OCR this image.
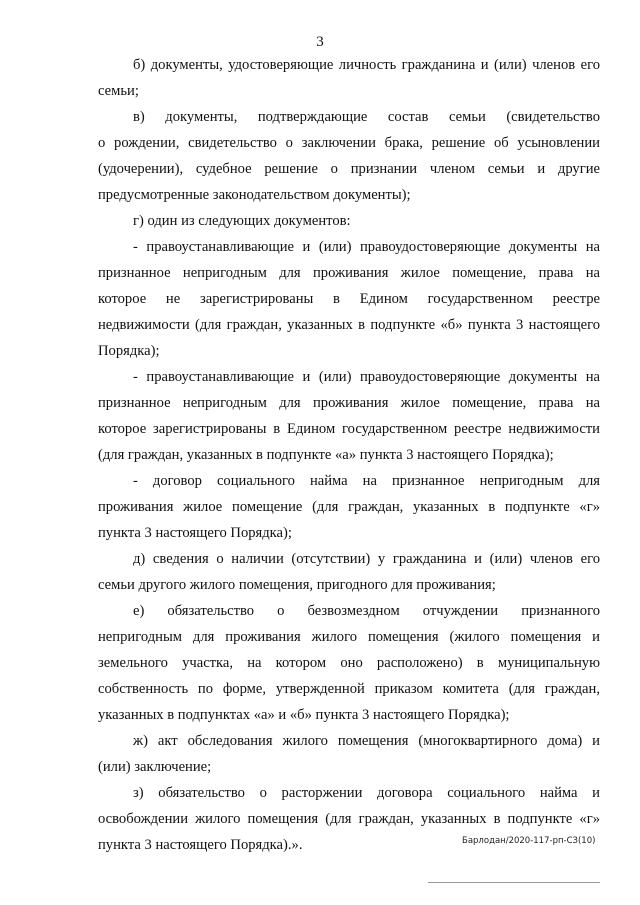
3
б) документы, удостоверяющие личность гражданина и (или) членов его
семьи;
в) документы, подтверждающие состав семьи (свидетельство
о рождении, свидетельство о заключении брака, решение об усыновлении
(удочерении), судебное решение о признании членом семьи и другие
предусмотренные законодательством документы);
г) один из следующих документов:
- правоустанавливающие и (или) правоудостоверяющие документы на
признанное непригодным для проживания жилое помещение, права на
которое не зарегистрированы в Едином государственном реестре
недвижимости (для граждан, указанных в подпункте «б» пункта 3 настоящего
Порядка);
- правоустанавливающие и (или) правоудостоверяющие документы на
признанное непригодным для проживания жилое помещение, права на
которое зарегистрированы в Едином государственном реестре недвижимости
(для граждан, указанных в подпункте «а» пункта 3 настоящего Порядка);
- договор социального найма на признанное непригодным для
проживания жилое помещение (для граждан, указанных в подпункте «г»
пункта 3 настоящего Порядка);
д) сведения о наличии (отсутствии) у гражданина и (или) членов его
семьи другого жилого помещения, пригодного для проживания;
е) обязательство о безвозмездном отчуждении признанного
непригодным для проживания жилого помещения (жилого помещения и
земельного участка, на котором оно расположено) в муниципальную
собственность по форме, утвержденной приказом комитета (для граждан,
указанных в подпунктах «а» и «б» пункта 3 настоящего Порядка);
ж) акт обследования жилого помещения (многоквартирного дома) и
(или) заключение;
з) обязательство о расторжении договора социального найма и
освобождении жилого помещения (для граждан, указанных в подпункте «г»
пункта 3 настоящего Порядка).».	Барлодан/2020-117-рп-СЗ(10)
